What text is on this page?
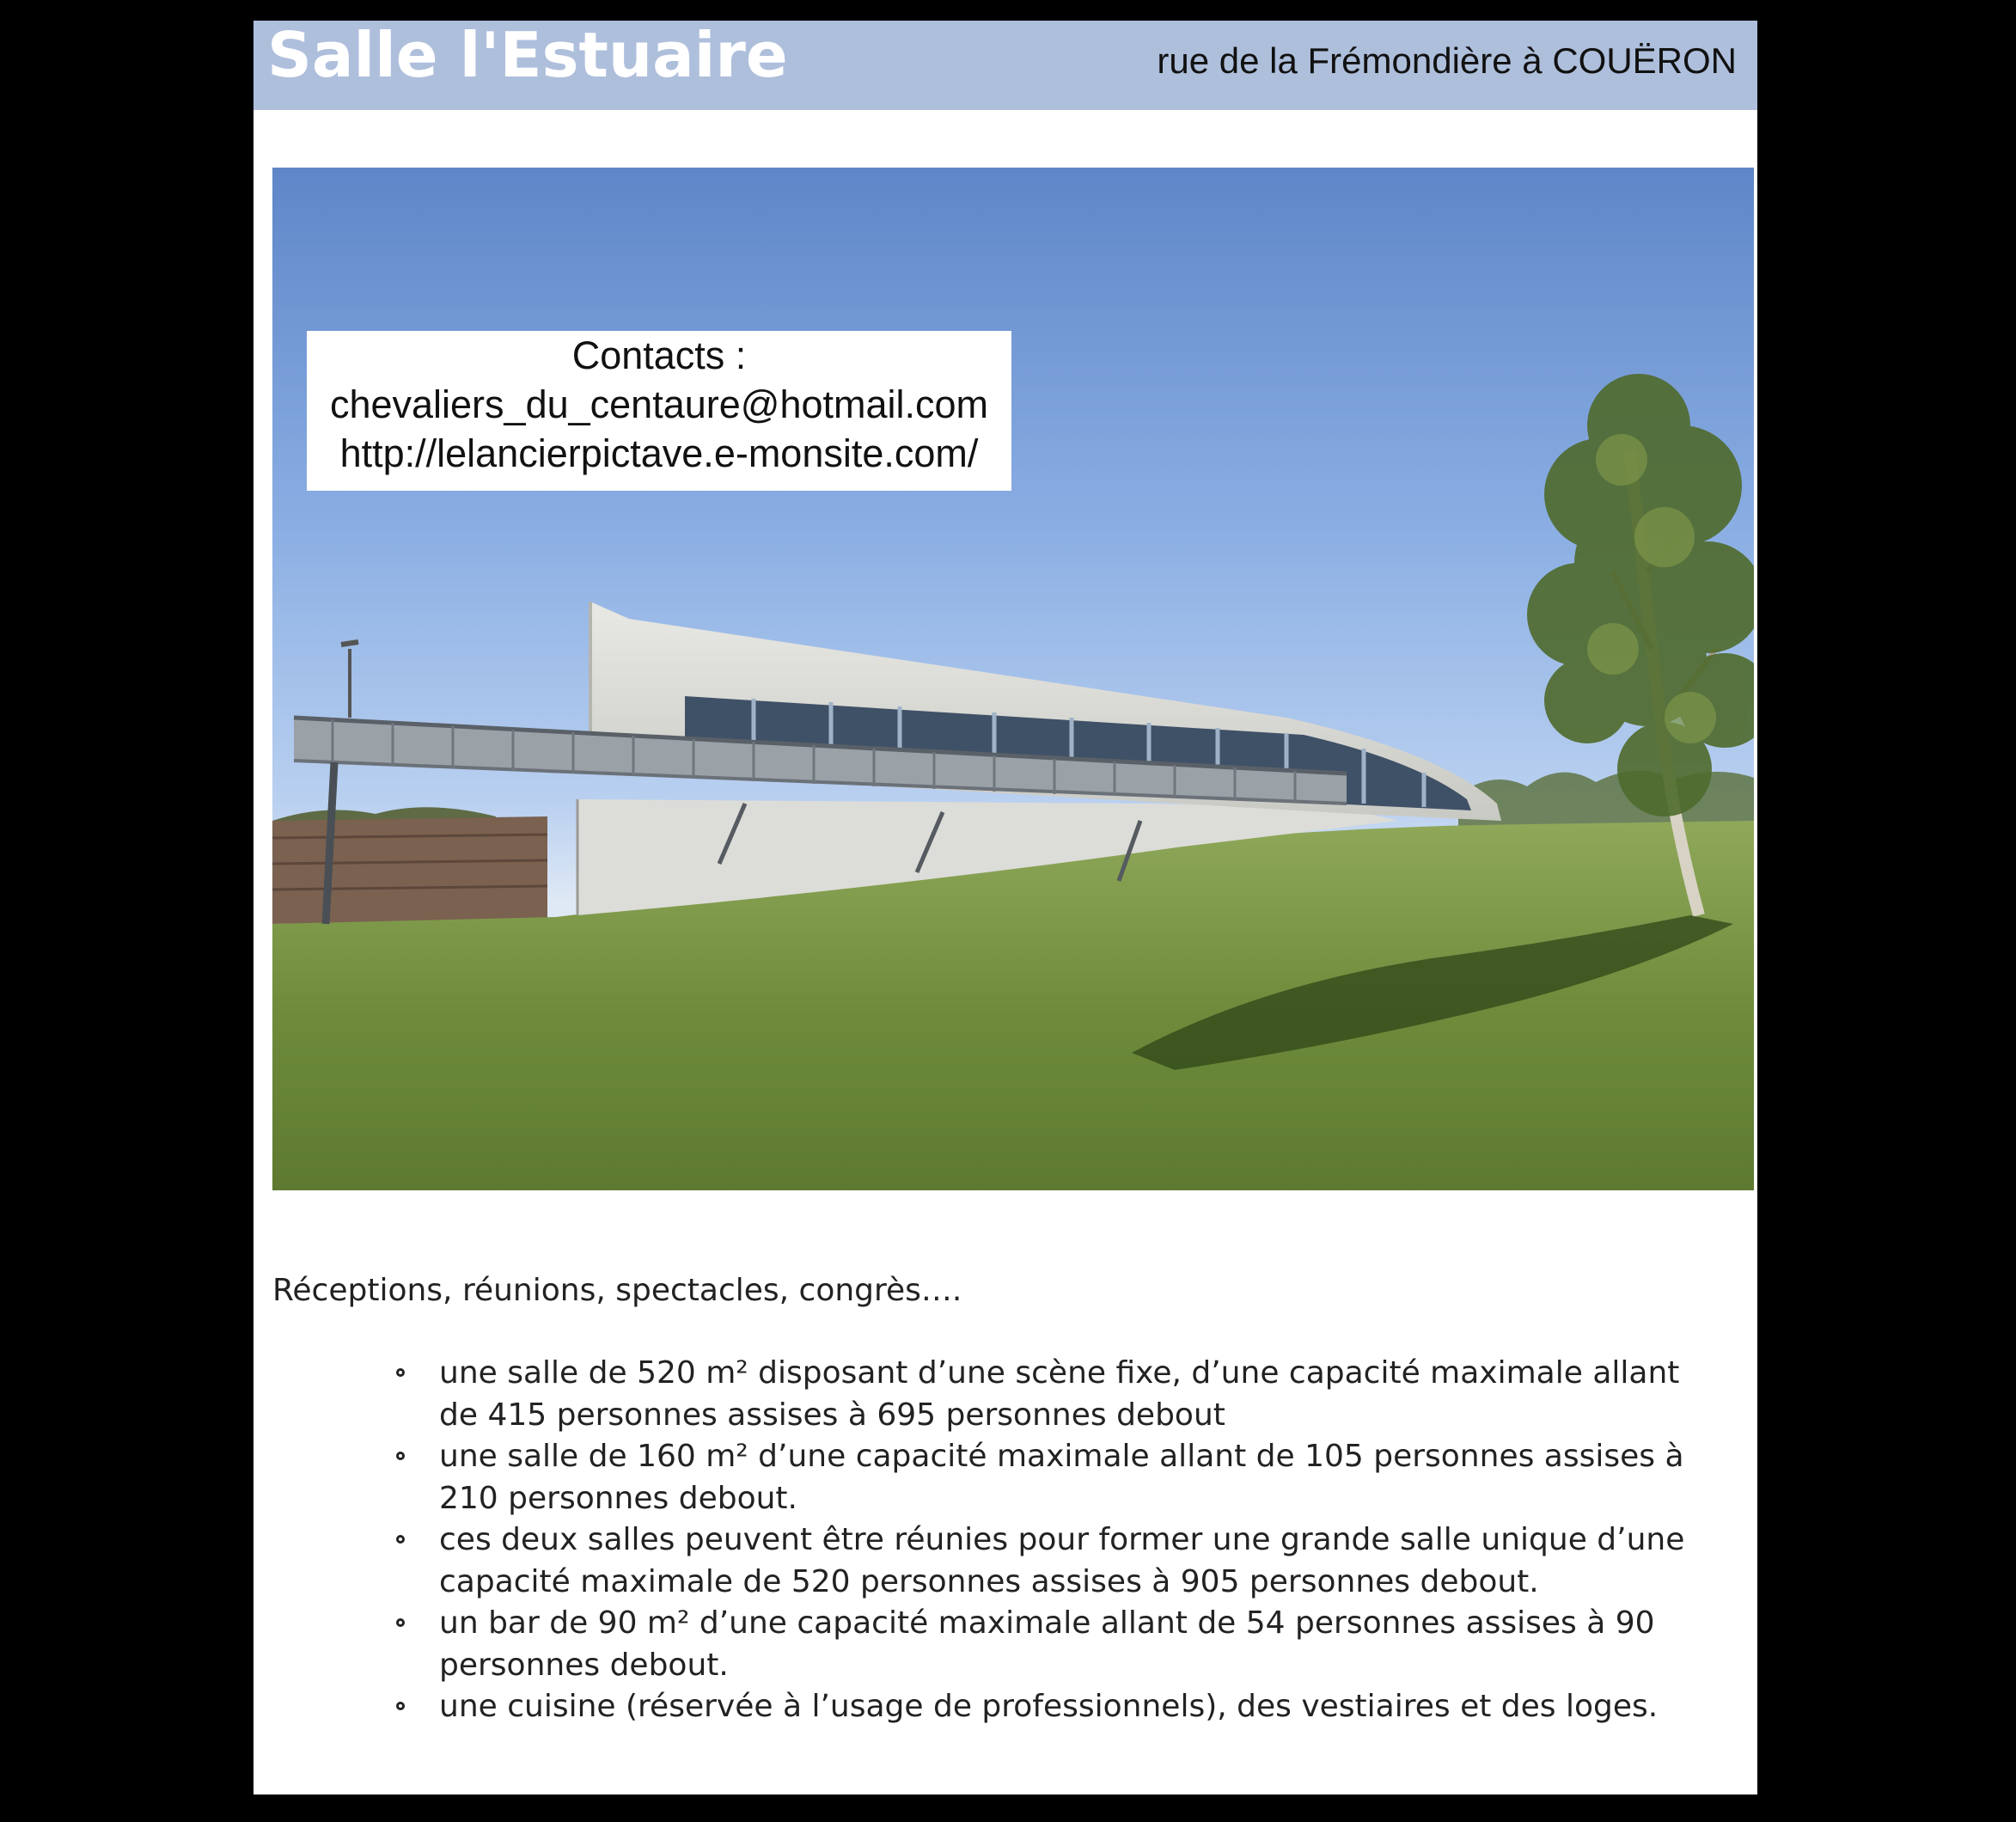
Salle l'Estuaire	rue de la Frémondière à COUËRON
Contacts :
chevaliers_du_centaure@hotmail.com
http://lelancierpictave.e-monsite.com/
Réceptions, réunions, spectacles, congrès….
une salle de 520 m² disposant d’une scène fixe, d’une capacité maximale allant de 415 personnes assises à 695 personnes debout
une salle de 160 m² d’une capacité maximale allant de 105 personnes assises à 210 personnes debout.
ces deux salles peuvent être réunies pour former une grande salle unique d’une capacité maximale de 520 personnes assises à 905 personnes debout.
un bar de 90 m² d’une capacité maximale allant de 54 personnes assises à 90 personnes debout.
une cuisine (réservée à l’usage de professionnels), des vestiaires et des loges.
